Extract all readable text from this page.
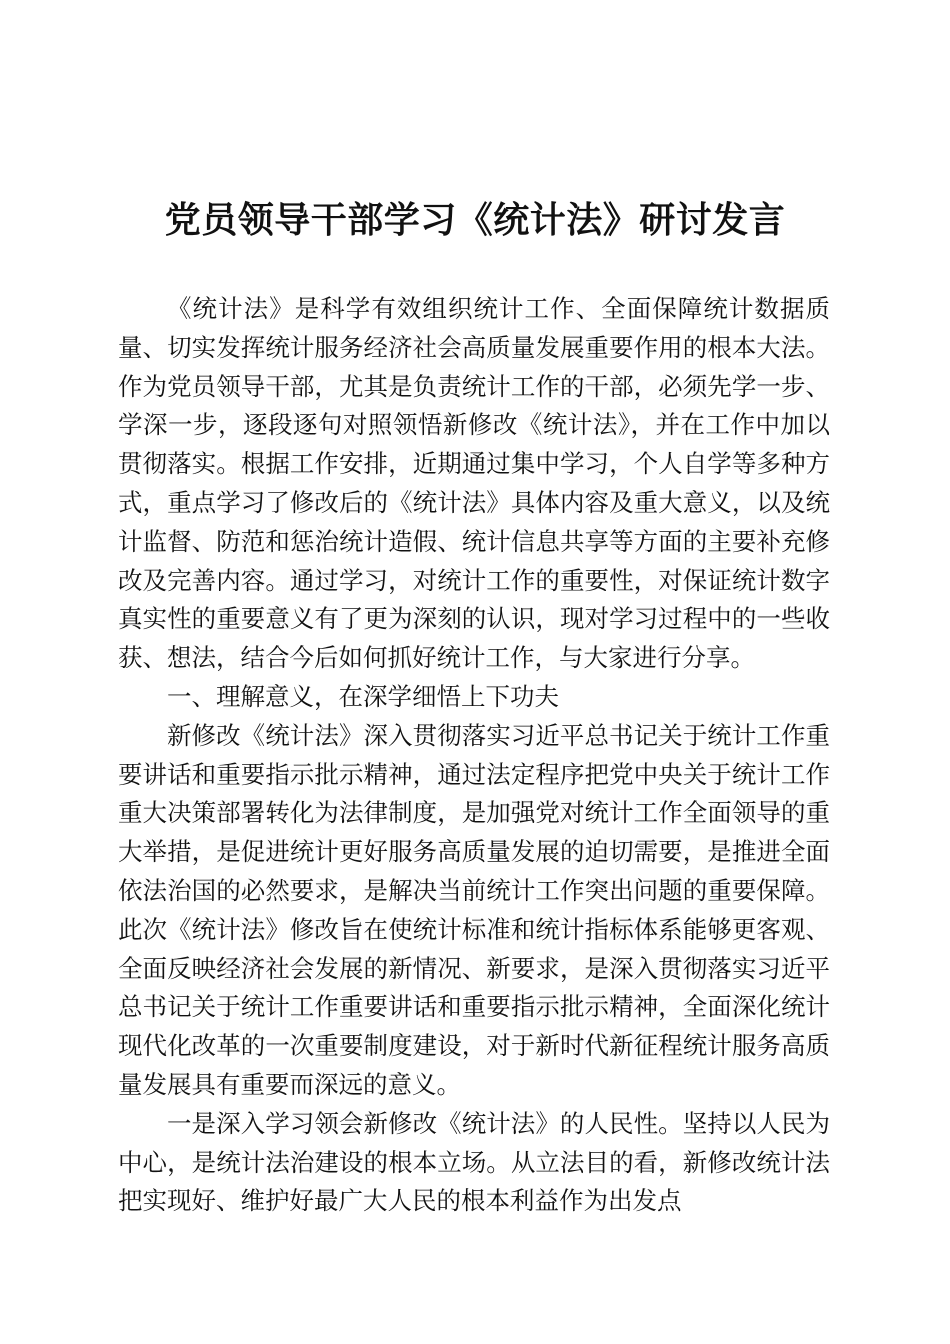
党员领导干部学习《统计法》研讨发言

《统计法》是科学有效组织统计工作、全面保障统计数据质量、切实发挥统计服务经济社会高质量发展重要作用的根本大法。作为党员领导干部，尤其是负责统计工作的干部，必须先学一步、学深一步，逐段逐句对照领悟新修改《统计法》，并在工作中加以贯彻落实。根据工作安排，近期通过集中学习，个人自学等多种方式，重点学习了修改后的《统计法》具体内容及重大意义，以及统计监督、防范和惩治统计造假、统计信息共享等方面的主要补充修改及完善内容。通过学习，对统计工作的重要性，对保证统计数字真实性的重要意义有了更为深刻的认识，现对学习过程中的一些收获、想法，结合今后如何抓好统计工作，与大家进行分享。

一、理解意义，在深学细悟上下功夫

新修改《统计法》深入贯彻落实习近平总书记关于统计工作重要讲话和重要指示批示精神，通过法定程序把党中央关于统计工作重大决策部署转化为法律制度，是加强党对统计工作全面领导的重大举措，是促进统计更好服务高质量发展的迫切需要，是推进全面依法治国的必然要求，是解决当前统计工作突出问题的重要保障。此次《统计法》修改旨在使统计标准和统计指标体系能够更客观、全面反映经济社会发展的新情况、新要求，是深入贯彻落实习近平总书记关于统计工作重要讲话和重要指示批示精神，全面深化统计现代化改革的一次重要制度建设，对于新时代新征程统计服务高质量发展具有重要而深远的意义。

一是深入学习领会新修改《统计法》的人民性。坚持以人民为中心，是统计法治建设的根本立场。从立法目的看，新修改统计法把实现好、维护好最广大人民的根本利益作为出发点
